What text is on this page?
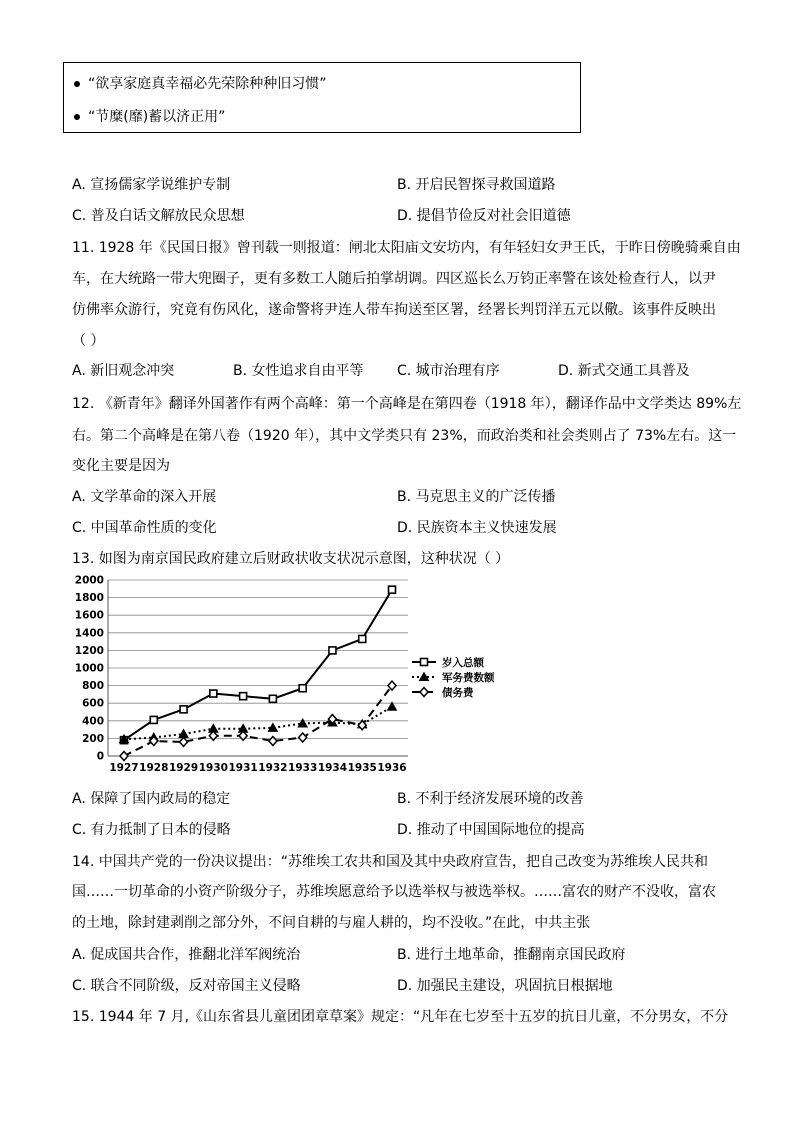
“欲享家庭真幸福必先荣除种种旧习惯”
“节糜(靡)蓄以济正用”
A. 宣扬儒家学说维护专制	B. 开启民智探寻救国道路
C. 普及白话文解放民众思想	D. 提倡节俭反对社会旧道德
11. 1928 年《民国日报》曾刊载一则报道：闸北太阳庙文安坊内，有年轻妇女尹王氏，于昨日傍晚骑乘自由
车，在大统路一带大兜圈子，更有多数工人随后拍掌胡调。四区巡长么万钧正率警在该处检查行人，以尹
仿佛率众游行，究竟有伤风化，遂命警将尹连人带车拘送至区署，经署长判罚洋五元以儆。该事件反映出
（ ）
A. 新旧观念冲突	B. 女性追求自由平等 C. 城市治理有序	D. 新式交通工具普及
12. 《新青年》翻译外国著作有两个高峰：第一个高峰是在第四卷（1918 年），翻译作品中文学类达 89%左
右。第二个高峰是在第八卷（1920 年），其中文学类只有 23%，而政治类和社会类则占了 73%左右。这一
变化主要是因为
A. 文学革命的深入开展	B. 马克思主义的广泛传播
C. 中国革命性质的变化	D. 民族资本主义快速发展
13. 如图为南京国民政府建立后财政状收支状况示意图，这种状况（ ）
0
200
400
600
800
1000
1200
1400
1600
1800
2000
1927 1928 1929 1930 1931 1932 1933 1934 1935 1936
岁入总额
军务费数额
债务费
A. 保障了国内政局的稳定	B. 不利于经济发展环境的改善
C. 有力抵制了日本的侵略	D. 推动了中国国际地位的提高
14. 中国共产党的一份决议提出：“苏维埃工农共和国及其中央政府宣告，把自己改变为苏维埃人民共和
国……一切革命的小资产阶级分子，苏维埃愿意给予以选举权与被选举权。……富农的财产不没收，富农
的土地，除封建剥削之部分外，不问自耕的与雇人耕的，均不没收。”在此，中共主张
A. 促成国共合作，推翻北洋军阀统治	B. 进行土地革命，推翻南京国民政府
C. 联合不同阶级，反对帝国主义侵略	D. 加强民主建设，巩固抗日根据地
15. 1944 年 7 月,《山东省县儿童团团章草案》规定：“凡年在七岁至十五岁的抗日儿童，不分男女，不分
